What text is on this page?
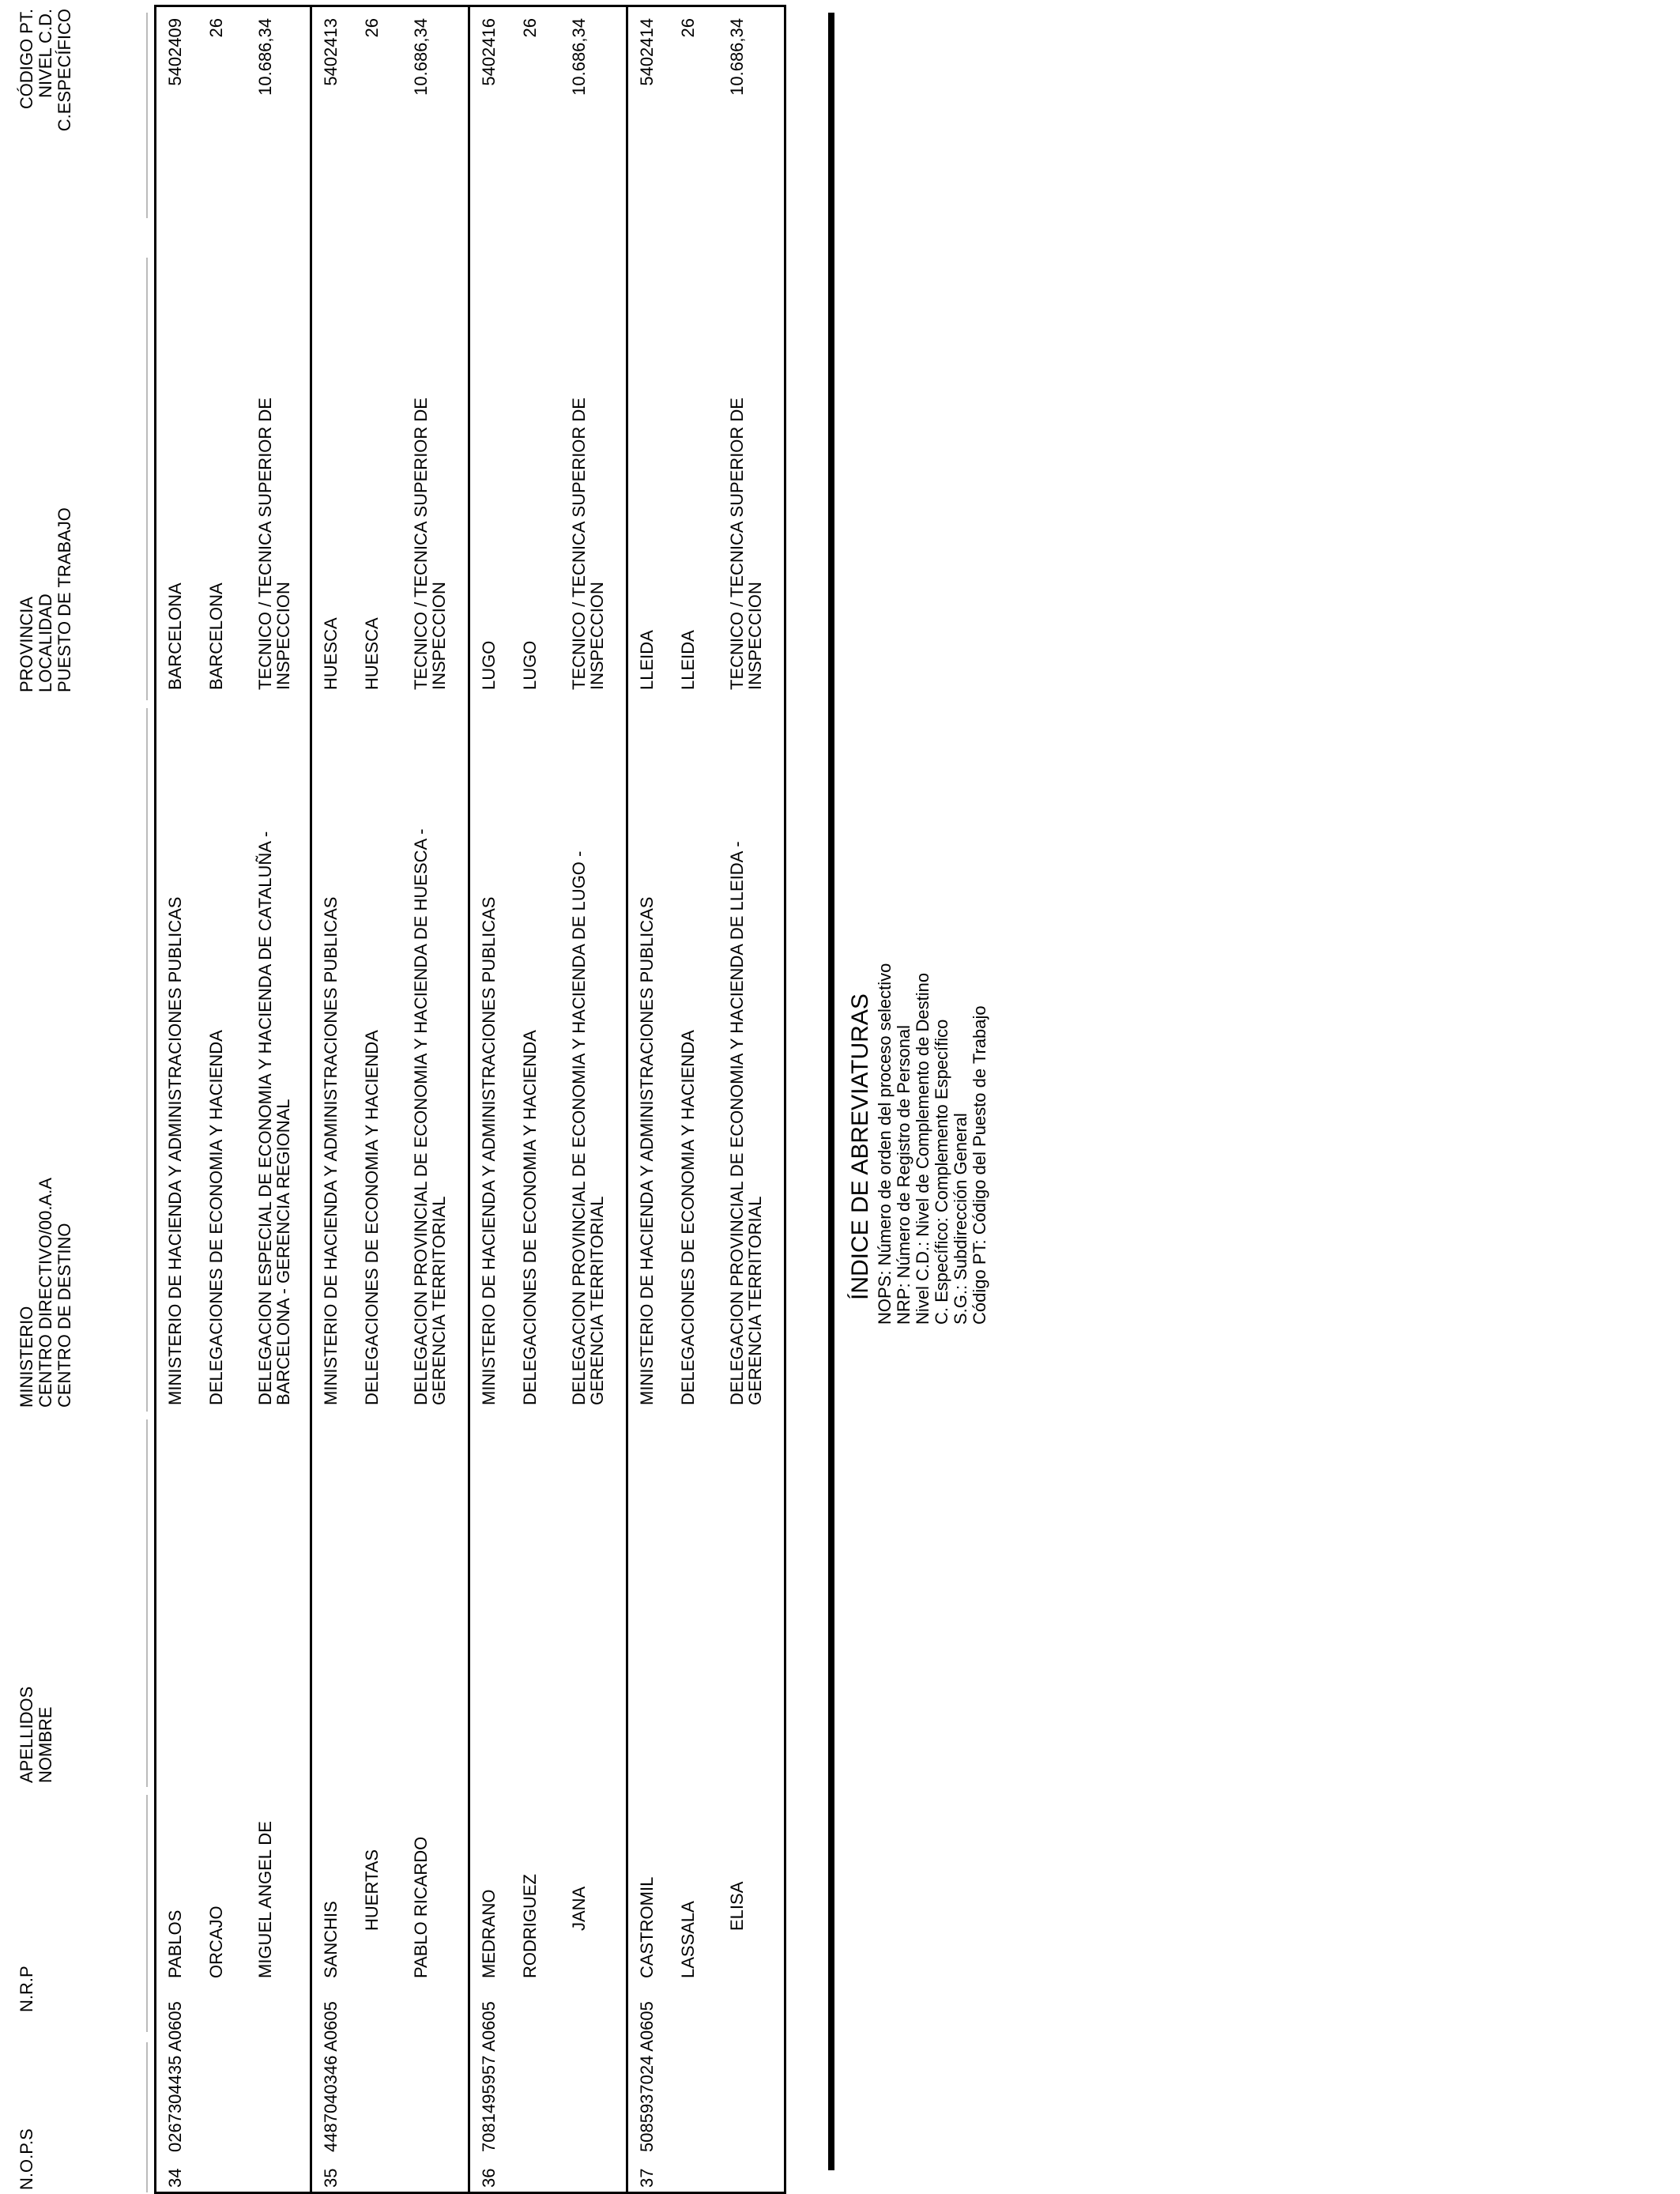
N.O.P.S
N.R.P
APELLIDOS
NOMBRE
MINISTERIO
CENTRO DIRECTIVO/00.A.A
CENTRO DE DESTINO
PROVINCIA
LOCALIDAD
PUESTO DE TRABAJO
CÓDIGO PT.
NIVEL C.D.
C.ESPECÍFICO
34
0267304435 A0605
PABLOS ORCAJO MIGUEL ANGEL DE
MINISTERIO DE HACIENDA Y ADMINISTRACIONES PUBLICAS DELEGACIONES DE ECONOMIA Y HACIENDA DELEGACION ESPECIAL DE ECONOMIA Y HACIENDA DE CATALUÑA - BARCELONA - GERENCIA REGIONAL
BARCELONA BARCELONA TECNICO / TECNICA SUPERIOR DE INSPECCION
5402409 26 10.686,34
35
4487040346 A0605
SANCHIS
HUERTAS PABLO RICARDO
MINISTERIO DE HACIENDA Y ADMINISTRACIONES PUBLICAS DELEGACIONES DE ECONOMIA Y HACIENDA DELEGACION PROVINCIAL DE ECONOMIA Y HACIENDA DE HUESCA - GERENCIA TERRITORIAL
HUESCA HUESCA TECNICO / TECNICA SUPERIOR DE INSPECCION
5402413 26 10.686,34
36
7081495957 A0605
MEDRANO RODRIGUEZ JANA
MINISTERIO DE HACIENDA Y ADMINISTRACIONES PUBLICAS DELEGACIONES DE ECONOMIA Y HACIENDA DELEGACION PROVINCIAL DE ECONOMIA Y HACIENDA DE LUGO - GERENCIA TERRITORIAL
LUGO LUGO TECNICO / TECNICA SUPERIOR DE INSPECCION
5402416 26 10.686,34
37
5085937024 A0605
CASTROMIL LASSALA ELISA
MINISTERIO DE HACIENDA Y ADMINISTRACIONES PUBLICAS DELEGACIONES DE ECONOMIA Y HACIENDA DELEGACION PROVINCIAL DE ECONOMIA Y HACIENDA DE LLEIDA - GERENCIA TERRITORIAL
LLEIDA LLEIDA TECNICO / TECNICA SUPERIOR DE INSPECCION
5402414 26 10.686,34
ÍNDICE DE ABREVIATURAS NOPS: Número de orden del proceso selectivo NRP: Número de Registro de Personal Nivel C.D.: Nivel de Complemento de Destino C. Específico: Complemento Específico S.G.: Subdirección General Código PT: Código del Puesto de Trabajo
